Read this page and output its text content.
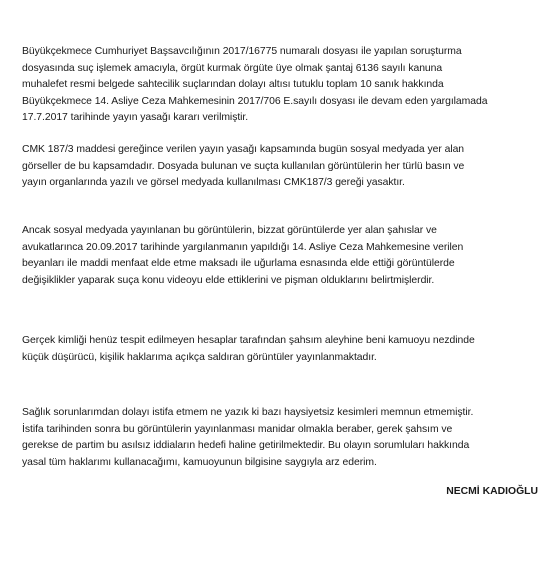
Büyükçekmece Cumhuriyet Başsavcılığının 2017/16775 numaralı dosyası ile yapılan soruşturma
dosyasında suç işlemek amacıyla, örgüt kurmak örgüte üye olmak şantaj 6136 sayılı kanuna
muhalefet resmi belgede sahtecilik suçlarından dolayı altısı tutuklu toplam 10 sanık hakkında
Büyükçekmece 14. Asliye Ceza Mahkemesinin 2017/706 E.sayılı dosyası ile devam eden yargılamada
17.7.2017 tarihinde yayın yasağı kararı verilmiştir.
CMK 187/3 maddesi gereğince verilen yayın yasağı kapsamında bugün sosyal medyada yer alan
görseller de bu kapsamdadır. Dosyada bulunan ve suçta kullanılan görüntülerin her türlü basın ve
yayın organlarında yazılı ve görsel medyada kullanılması CMK187/3 gereği yasaktır.
Ancak sosyal medyada yayınlanan bu görüntülerin, bizzat görüntülerde yer alan şahıslar ve
avukatlarınca 20.09.2017 tarihinde yargılanmanın yapıldığı 14. Asliye Ceza Mahkemesine verilen
beyanları ile maddi menfaat elde etme maksadı ile uğurlama esnasında elde ettiği görüntülerde
değişiklikler yaparak suça konu videoyu elde ettiklerini ve pişman olduklarını belirtmişlerdir.
Gerçek kimliği henüz tespit edilmeyen hesaplar tarafından şahsım aleyhine beni kamuoyu nezdinde
küçük düşürücü, kişilik haklarıma açıkça saldıran görüntüler yayınlanmaktadır.
Sağlık sorunlarımdan dolayı istifa etmem ne yazık ki bazı haysiyetsiz kesimleri memnun etmemiştir.
İstifa tarihinden sonra bu görüntülerin yayınlanması manidar olmakla beraber, gerek şahsım ve
gerekse de partim bu asılsız iddiaların hedefi haline getirilmektedir. Bu olayın sorumluları hakkında
yasal tüm haklarımı kullanacağımı, kamuoyunun bilgisine saygıyla arz ederim.
NECMİ KADIOĞLU
